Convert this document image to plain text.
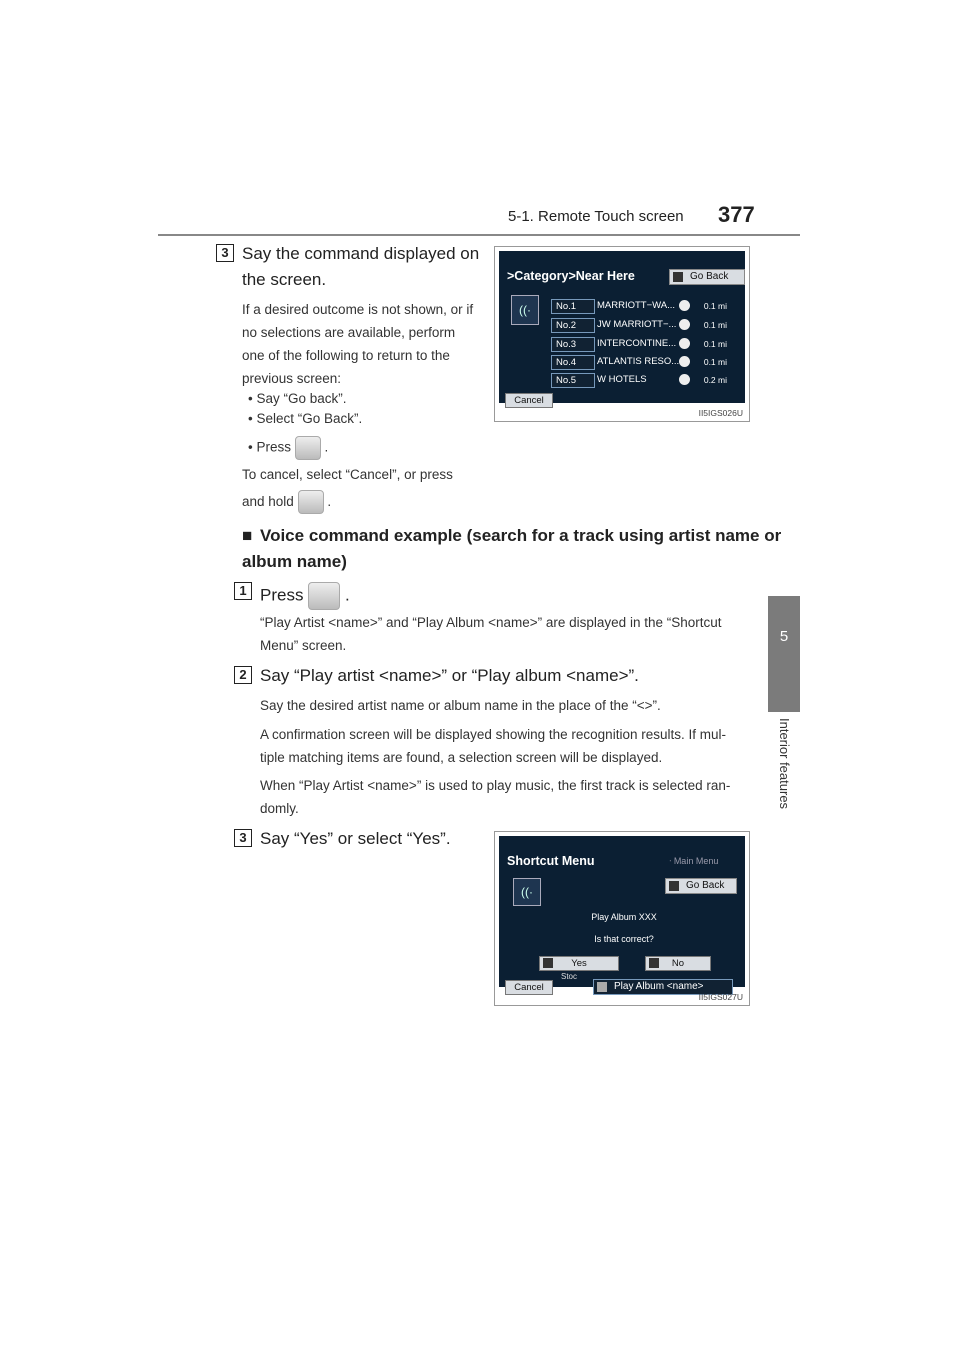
5-1. Remote Touch screen 377
5
Interior features
3 Say the command displayed on
the screen.
If a desired outcome is not shown, or if
no selections are available, perform
one of the following to return to the
previous screen:
• Say “Go back”.
• Select “Go Back”.
• Press .
To cancel, select “Cancel”, or press
and hold .
>Category>Near Here	Go Back
((·	No.1	MARRIOTT−WA...	0.1 mi
No.2	JW MARRIOTT−...	0.1 mi
No.3	INTERCONTINE...	0.1 mi
No.4	ATLANTIS RESO...	0.1 mi
No.5	W HOTELS	0.2 mi
Cancel
II5IGS026U
■ Voice command example (search for a track using artist name or
album name)
1 Press .
“Play Artist <name>” and “Play Album <name>” are displayed in the “Shortcut
Menu” screen.
2 Say “Play artist <name>” or “Play album <name>”.
Say the desired artist name or album name in the place of the “<>”.
A confirmation screen will be displayed showing the recognition results. If mul-
tiple matching items are found, a selection screen will be displayed.
When “Play Artist <name>” is used to play music, the first track is selected ran-
domly.
3 Say “Yes” or select “Yes”.
Shortcut Menu	ᐧ Main Menu
((·	Go Back
Play Album XXX
Is that correct?
Yes	No
Cancel
Stoc
Play Album <name>
II5IGS027U
